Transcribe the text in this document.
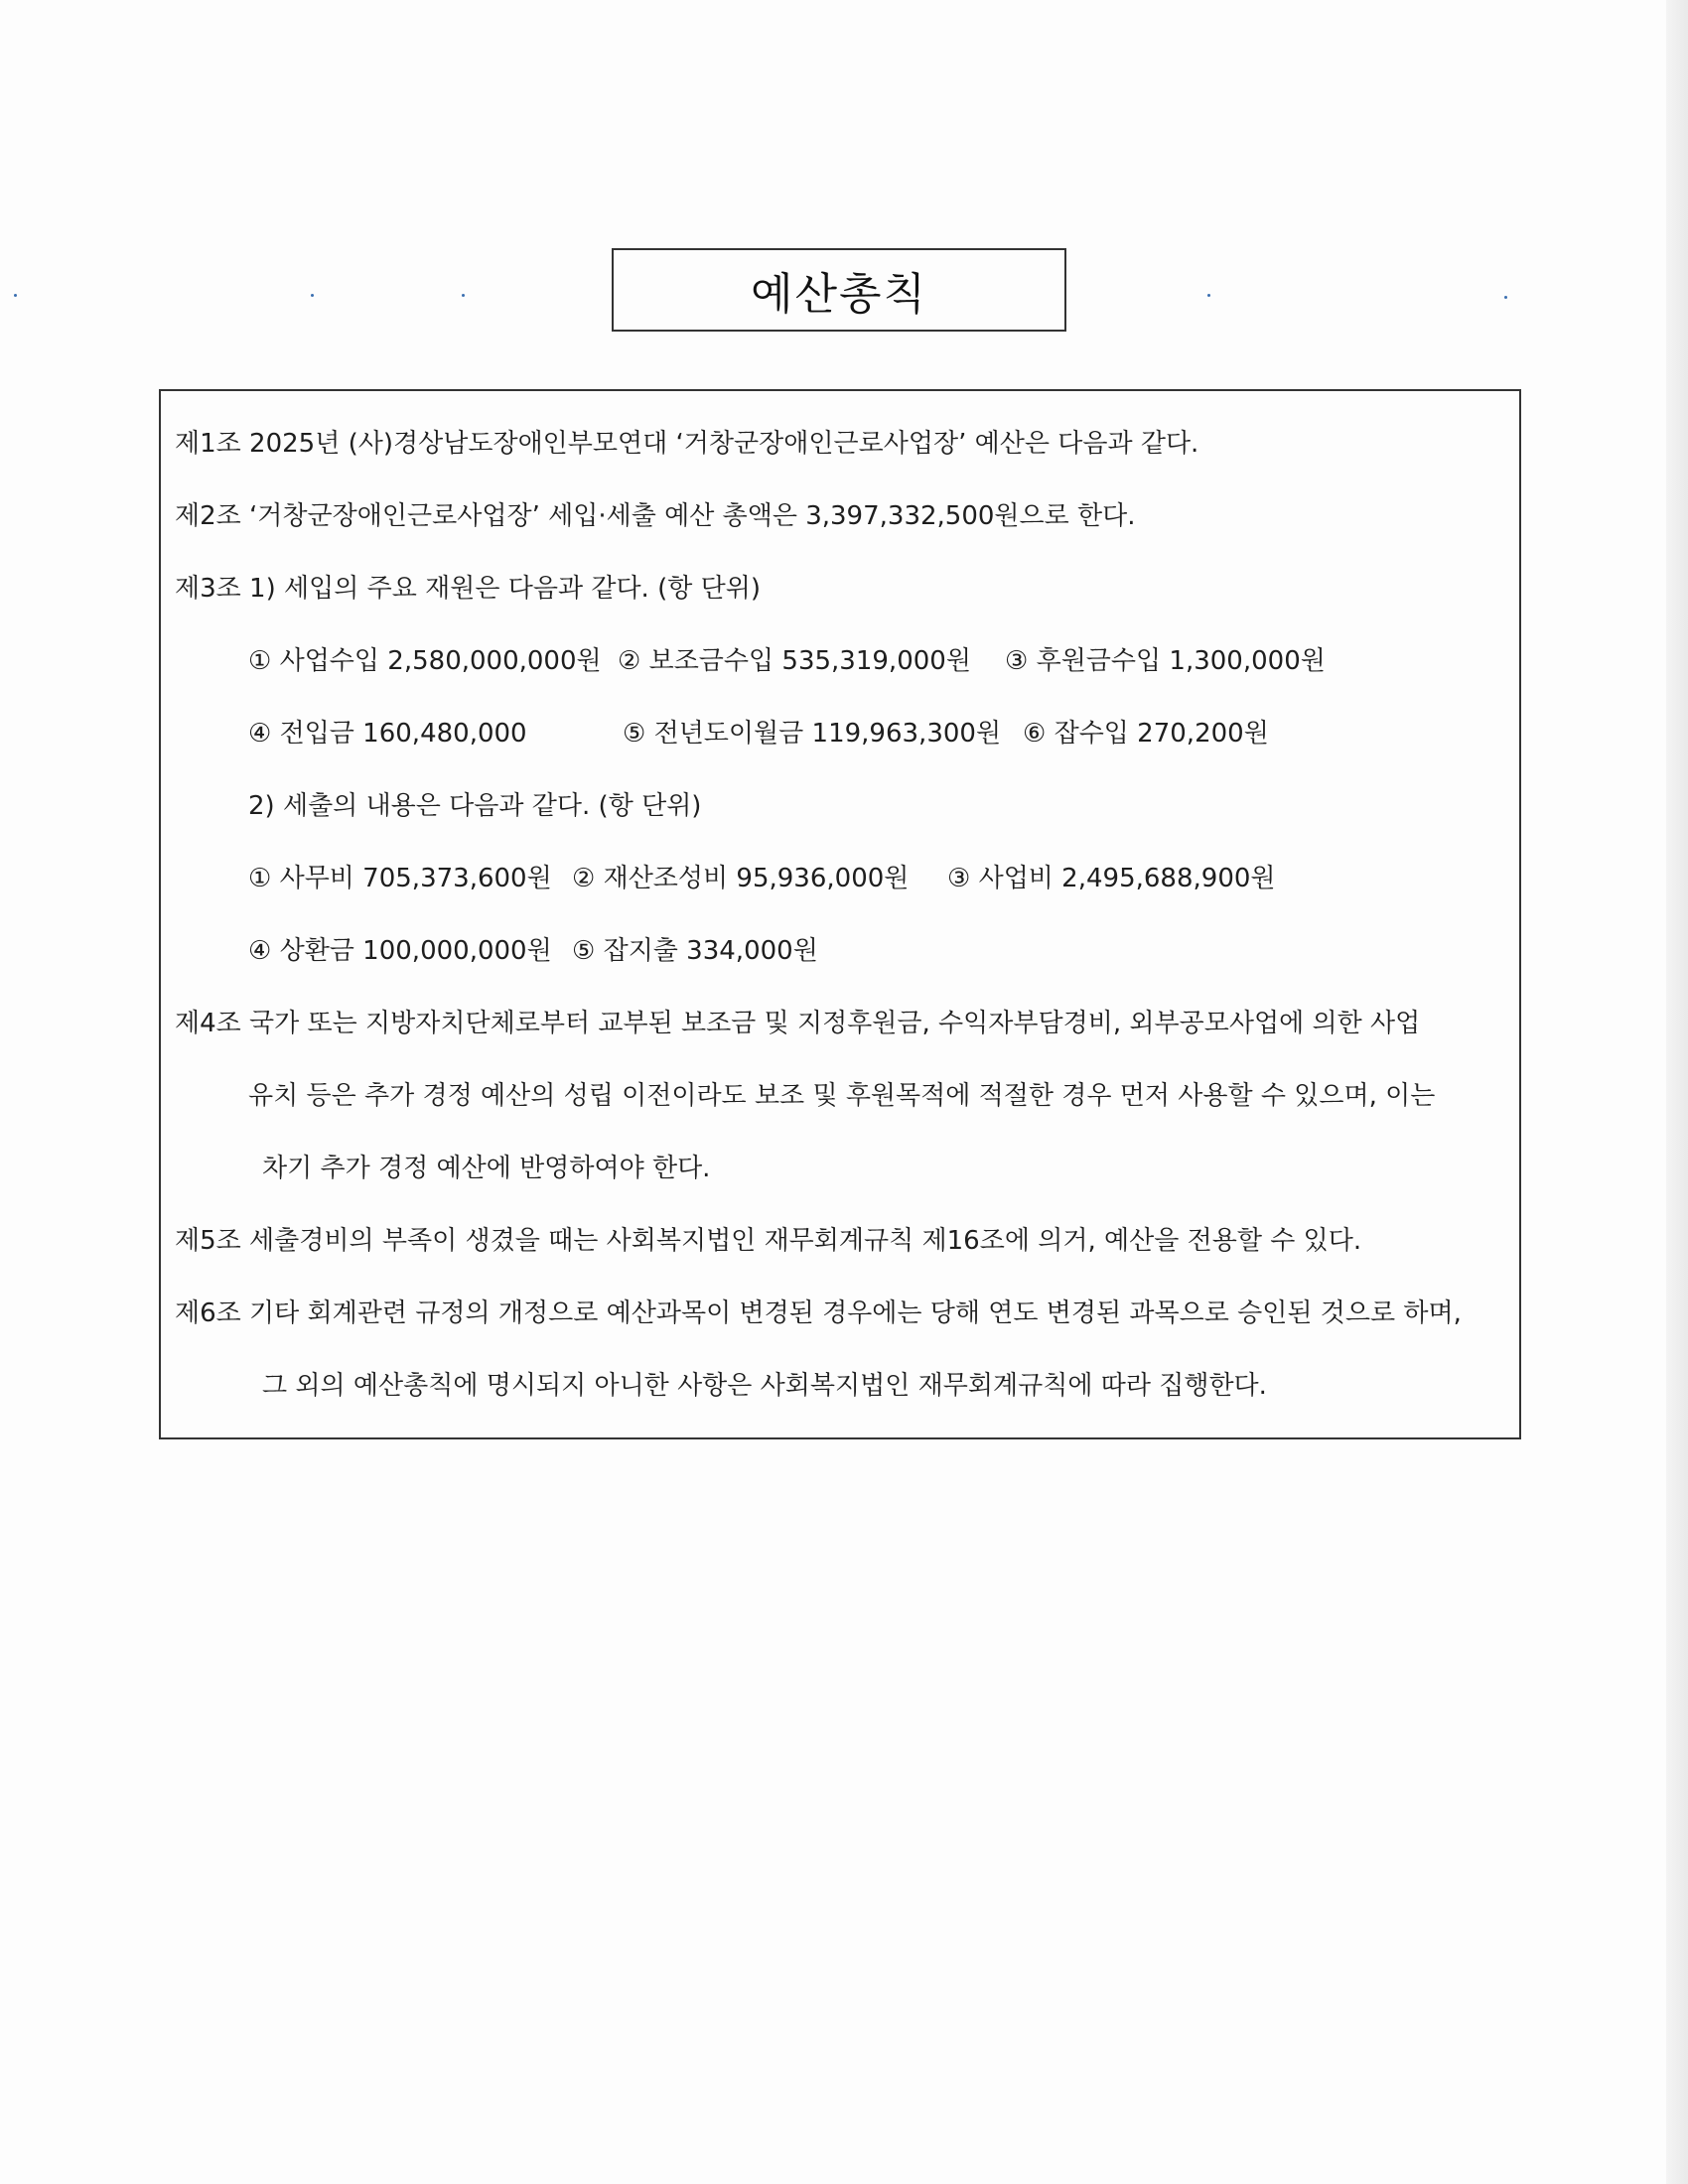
예산총칙
제1조 2025년 (사)경상남도장애인부모연대 ‘거창군장애인근로사업장’ 예산은 다음과 같다.
제2조 ‘거창군장애인근로사업장’ 세입·세출 예산 총액은 3,397,332,500원으로 한다.
제3조 1) 세입의 주요 재원은 다음과 같다. (항 단위)
① 사업수입 2,580,000,000원 ② 보조금수입 535,319,000원 ③ 후원금수입 1,300,000원
④ 전입금 160,480,000	⑤ 전년도이월금 119,963,300원 ⑥ 잡수입 270,200원
2) 세출의 내용은 다음과 같다. (항 단위)
① 사무비 705,373,600원 ② 재산조성비 95,936,000원 ③ 사업비 2,495,688,900원
④ 상환금 100,000,000원 ⑤ 잡지출 334,000원
제4조 국가 또는 지방자치단체로부터 교부된 보조금 및 지정후원금, 수익자부담경비, 외부공모사업에 의한 사업
유치 등은 추가 경정 예산의 성립 이전이라도 보조 및 후원목적에 적절한 경우 먼저 사용할 수 있으며, 이는
차기 추가 경정 예산에 반영하여야 한다.
제5조 세출경비의 부족이 생겼을 때는 사회복지법인 재무회계규칙 제16조에 의거, 예산을 전용할 수 있다.
제6조 기타 회계관련 규정의 개정으로 예산과목이 변경된 경우에는 당해 연도 변경된 과목으로 승인된 것으로 하며,
그 외의 예산총칙에 명시되지 아니한 사항은 사회복지법인 재무회계규칙에 따라 집행한다.
